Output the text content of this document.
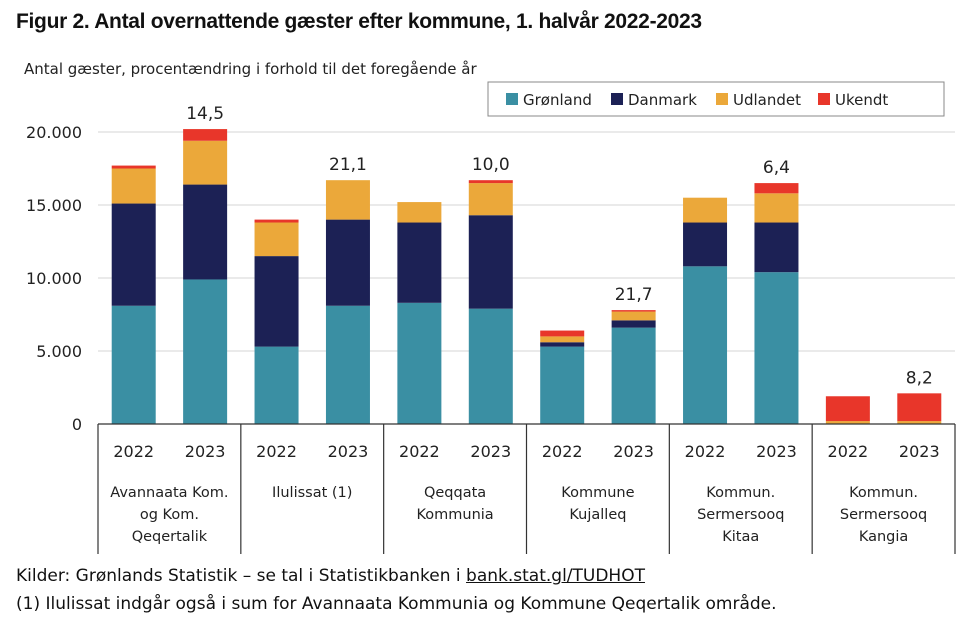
Figur 2. Antal overnattende gæster efter kommune, 1. halvår 2022-2023
Antal gæster, procentændring i forhold til det foregående år
0
5.000
10.000
15.000
20.000
14,5
21,1	10,0
21,7
6,4
8,2
2022 2023 2022 2023 2022 2023 2022 2023 2022 2023 2022 2023
Avannaata Kom.
og Kom.
Qeqertalik
Ilulissat (1)	Qeqqata
Kommunia
Kommune
Kujalleq
Kommun.
Sermersooq
Kitaa
Kommun.
Sermersooq
Kangia
Grønland Danmark Udlandet Ukendt
Kilder: Grønlands Statistik – se tal i Statistikbanken i bank.stat.gl/TUDHOT
(1) Ilulissat indgår også i sum for Avannaata Kommunia og Kommune Qeqertalik område.
